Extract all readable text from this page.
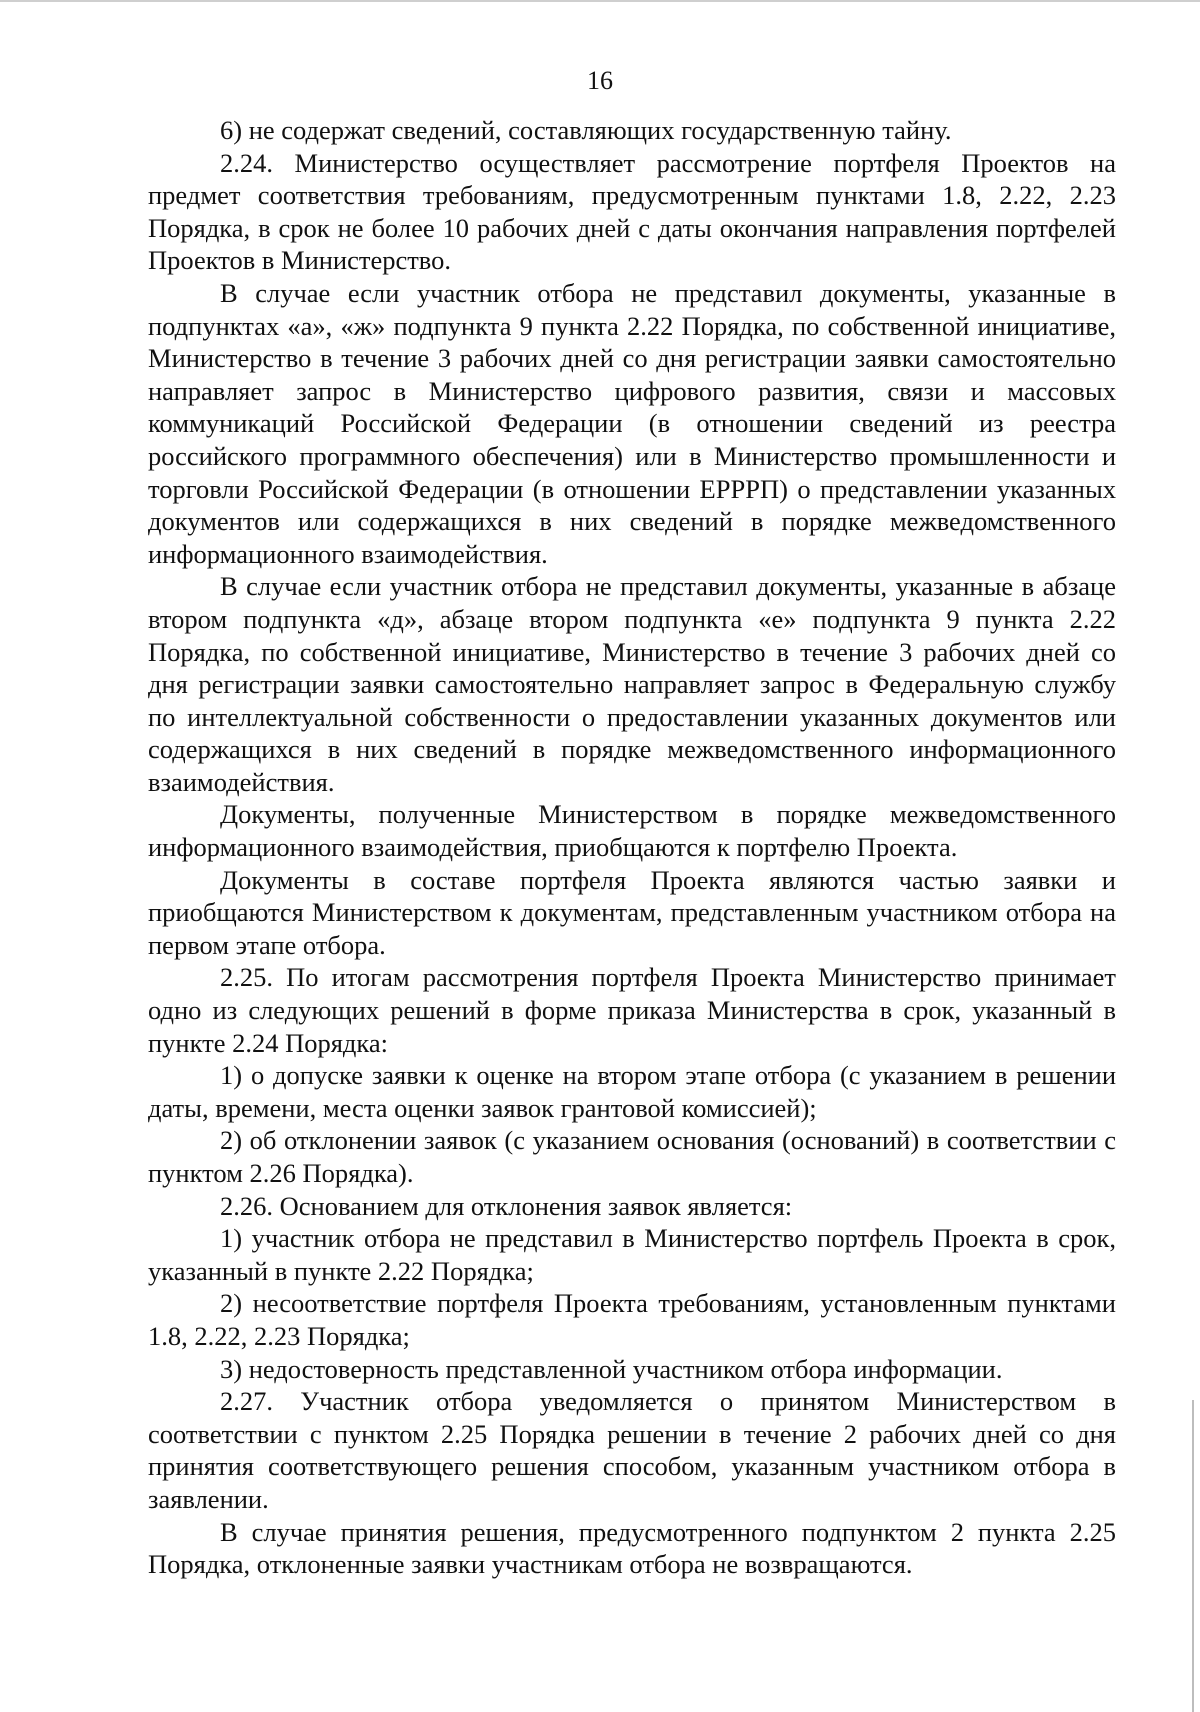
16

6) не содержат сведений, составляющих государственную тайну.

2.24. Министерство осуществляет рассмотрение портфеля Проектов на предмет соответствия требованиям, предусмотренным пунктами 1.8, 2.22, 2.23 Порядка, в срок не более 10 рабочих дней с даты окончания направления портфелей Проектов в Министерство.

В случае если участник отбора не представил документы, указанные в подпунктах «а», «ж» подпункта 9 пункта 2.22 Порядка, по собственной инициативе, Министерство в течение 3 рабочих дней со дня регистрации заявки самостоятельно направляет запрос в Министерство цифрового развития, связи и массовых коммуникаций Российской Федерации (в отношении сведений из реестра российского программного обеспечения) или в Министерство промышленности и торговли Российской Федерации (в отношении ЕРРРП) о представлении указанных документов или содержащихся в них сведений в порядке межведомственного информационного взаимодействия.

В случае если участник отбора не представил документы, указанные в абзаце втором подпункта «д», абзаце втором подпункта «е» подпункта 9 пункта 2.22 Порядка, по собственной инициативе, Министерство в течение 3 рабочих дней со дня регистрации заявки самостоятельно направляет запрос в Федеральную службу по интеллектуальной собственности о предоставлении указанных документов или содержащихся в них сведений в порядке межведомственного информационного взаимодействия.

Документы, полученные Министерством в порядке межведомственного информационного взаимодействия, приобщаются к портфелю Проекта.

Документы в составе портфеля Проекта являются частью заявки и приобщаются Министерством к документам, представленным участником отбора на первом этапе отбора.

2.25. По итогам рассмотрения портфеля Проекта Министерство принимает одно из следующих решений в форме приказа Министерства в срок, указанный в пункте 2.24 Порядка:

1) о допуске заявки к оценке на втором этапе отбора (с указанием в решении даты, времени, места оценки заявок грантовой комиссией);

2) об отклонении заявок (с указанием основания (оснований) в соответствии с пунктом 2.26 Порядка).

2.26. Основанием для отклонения заявок является:

1) участник отбора не представил в Министерство портфель Проекта в срок, указанный в пункте 2.22 Порядка;

2) несоответствие портфеля Проекта требованиям, установленным пунктами 1.8, 2.22, 2.23 Порядка;

3) недостоверность представленной участником отбора информации.

2.27. Участник отбора уведомляется о принятом Министерством в соответствии с пунктом 2.25 Порядка решении в течение 2 рабочих дней со дня принятия соответствующего решения способом, указанным участником отбора в заявлении.

В случае принятия решения, предусмотренного подпунктом 2 пункта 2.25 Порядка, отклоненные заявки участникам отбора не возвращаются.
